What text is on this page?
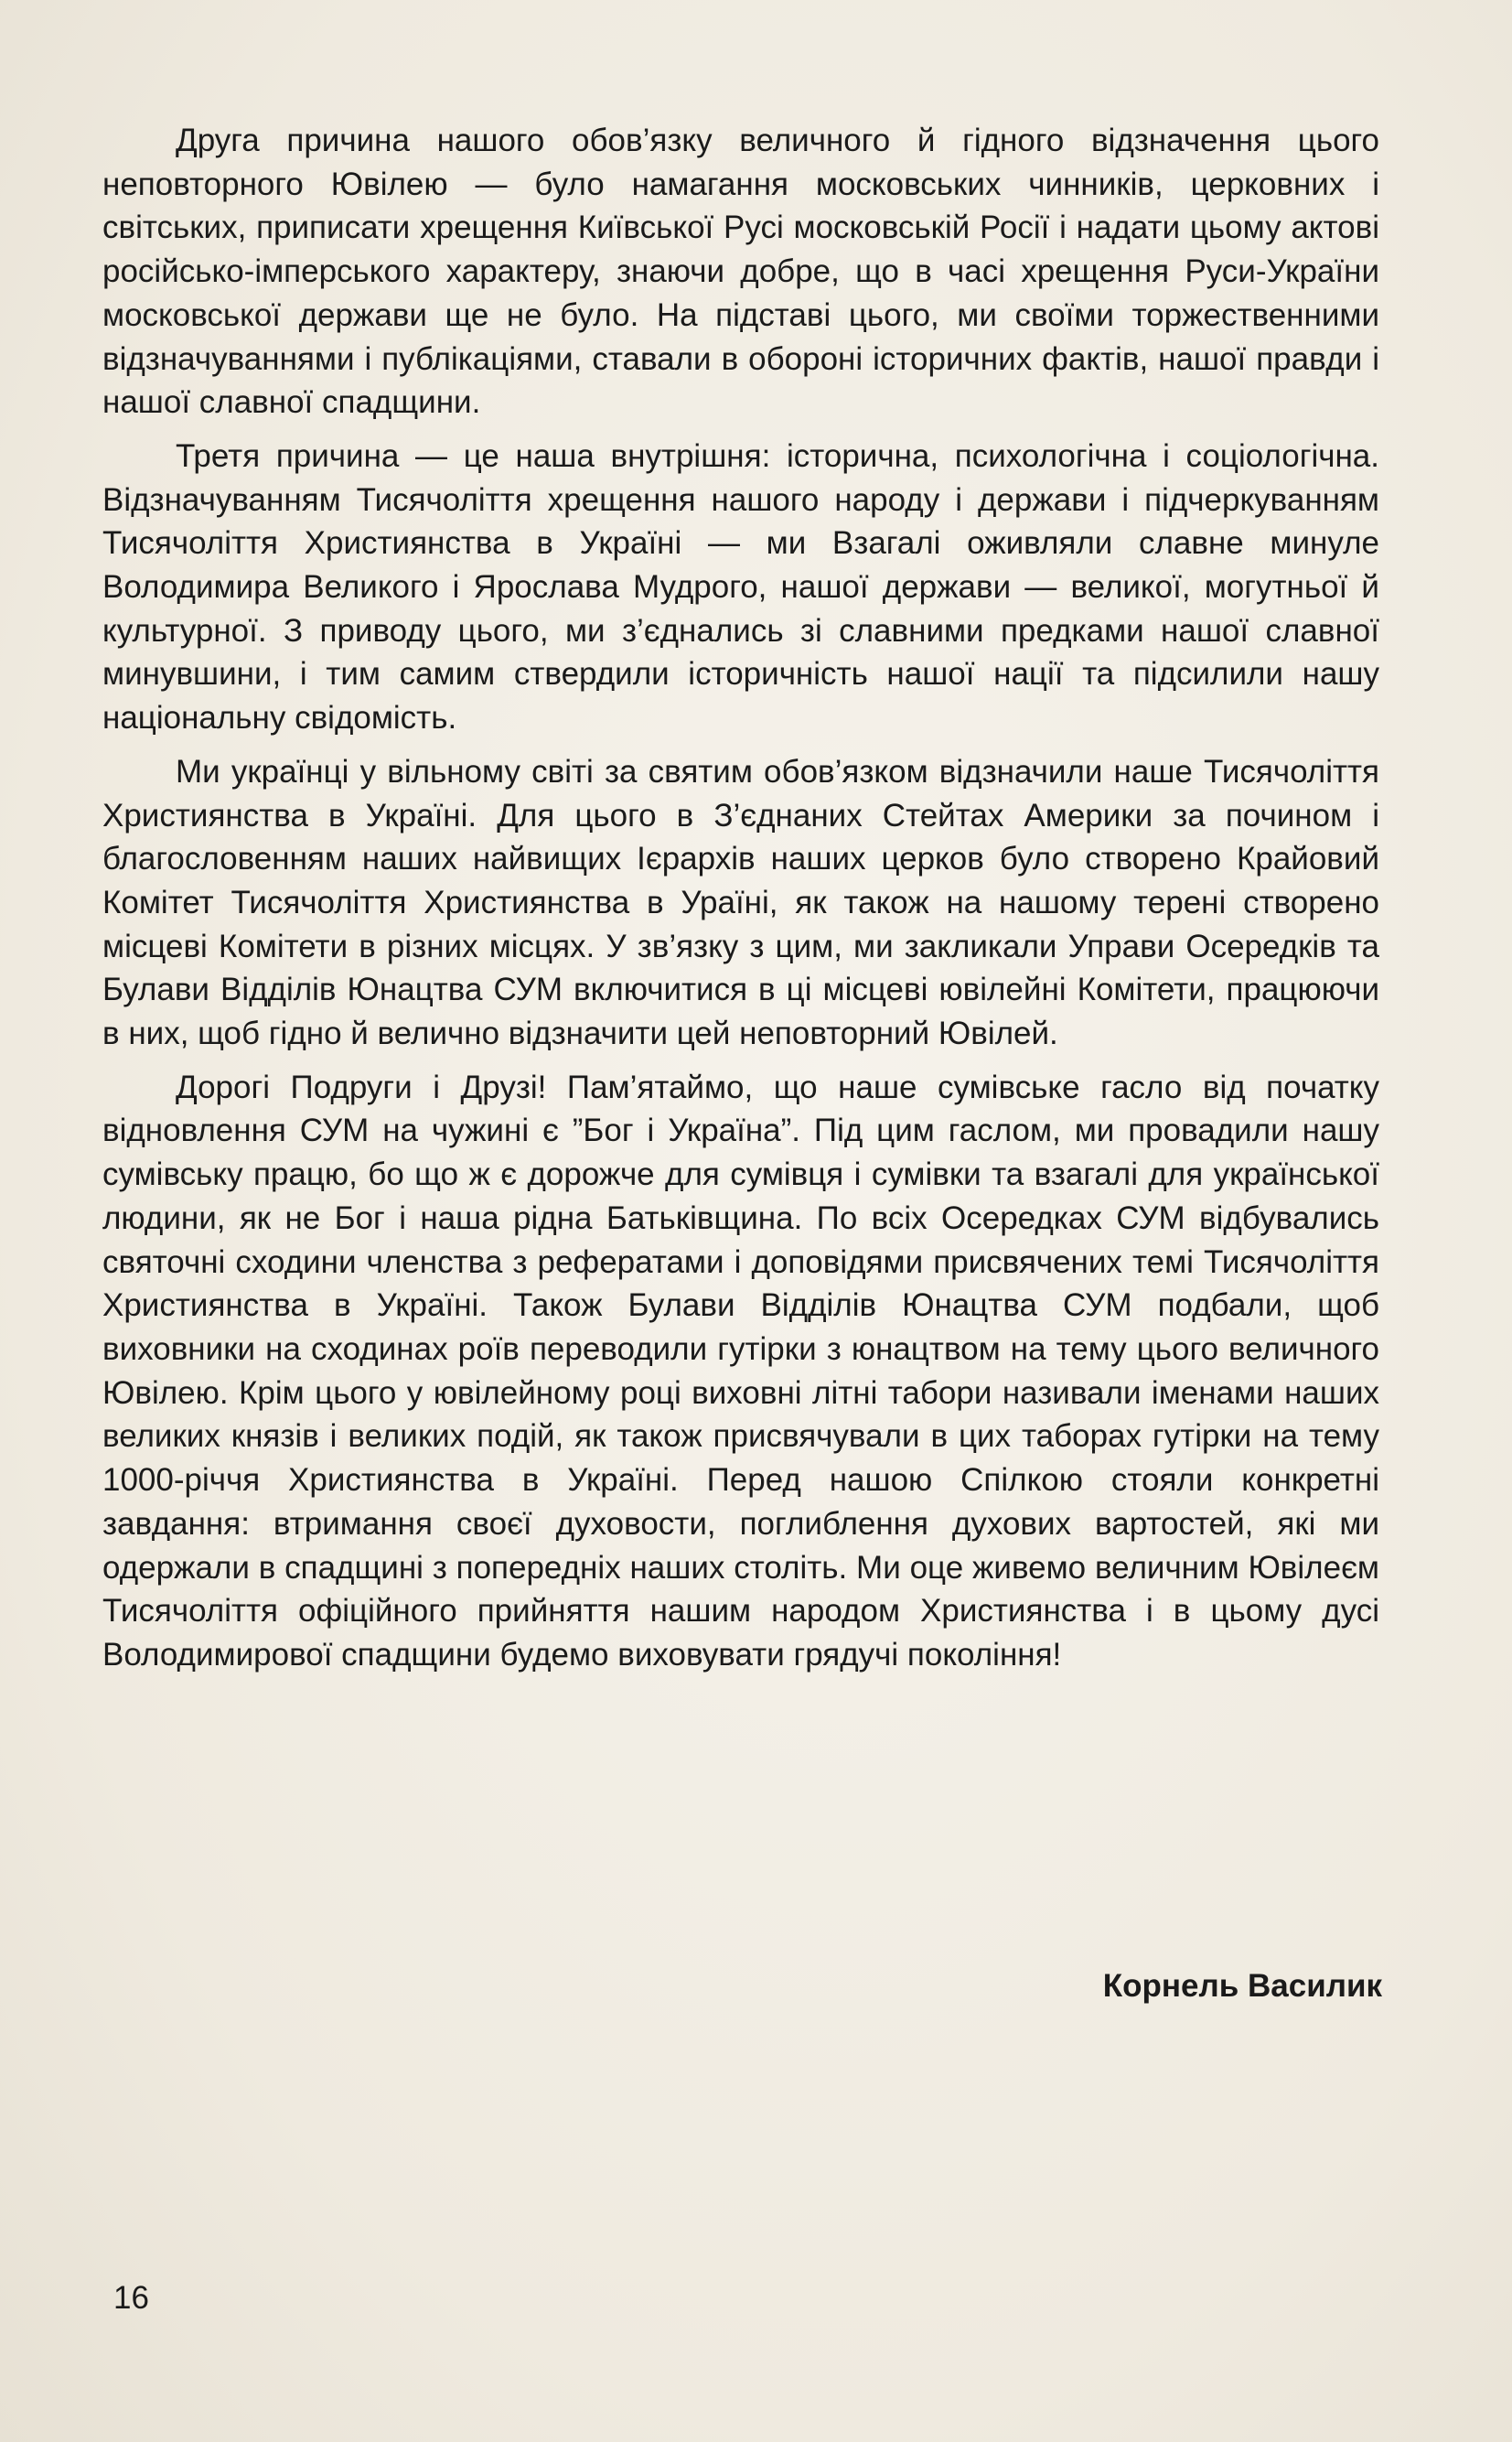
Друга причина нашого обов’язку величного й гідного відзначення цього неповторного Ювілею — було намагання московських чинників, церковних і світських, приписати хрещення Київської Русі московській Росії і надати цьому актові російсько-імперського характеру, знаючи добре, що в часі хрещення Руси-України московської держави ще не було. На підставі цього, ми своїми торжественними відзначуваннями і публікаціями, ставали в обороні історичних фактів, нашої правди і нашої славної спадщини.

Третя причина — це наша внутрішня: історична, психологічна і соціологічна. Відзначуванням Тисячоліття хрещення нашого народу і держави і підчеркуванням Тисячоліття Християнства в Україні — ми Взагалі оживляли славне минуле Володимира Великого і Ярослава Мудрого, нашої держави — великої, могутньої й культурної. З приводу цього, ми з’єднались зі славними предками нашої славної минувшини, і тим самим ствердили історичність нашої нації та підсилили нашу національну свідомість.

Ми українці у вільному світі за святим обов’язком відзначили наше Тисячоліття Християнства в Україні. Для цього в З’єднаних Стейтах Америки за почином і благословенням наших найвищих Ієрархів наших церков було створено Крайовий Комітет Тисячоліття Християнства в Ураїні, як також на нашому терені створено місцеві Комітети в різних місцях. У зв’язку з цим, ми закликали Управи Осередків та Булави Відділів Юнацтва СУМ включитися в ці місцеві ювілейні Комітети, працюючи в них, щоб гідно й велично відзначити цей неповторний Ювілей.

Дорогі Подруги і Друзі! Пам’ятаймо, що наше сумівське гасло від початку відновлення СУМ на чужині є ”Бог і Україна”. Під цим гаслом, ми провадили нашу сумівську працю, бо що ж є дорожче для сумівця і сумівки та взагалі для української людини, як не Бог і наша рідна Батьківщина. По всіх Осередках СУМ відбувались святочні сходини членства з рефератами і доповідями присвячених темі Тисячоліття Християнства в Україні. Також Булави Відділів Юнацтва СУМ подбали, щоб виховники на сходинах роїв переводили гутірки з юнацтвом на тему цього величного Ювілею. Крім цього у ювілейному році виховні літні табори називали іменами наших великих князів і великих подій, як також присвячували в цих таборах гутірки на тему 1000-річчя Християнства в Україні. Перед нашою Спілкою стояли конкретні завдання: втримання своєї духовости, поглиблення духових вартостей, які ми одержали в спадщині з попередніх наших століть. Ми оце живемо величним Ювілеєм Тисячоліття офіційного прийняття нашим народом Християнства і в цьому дусі Володимирової спадщини будемо виховувати грядучі покоління!

Корнель Василик
16
